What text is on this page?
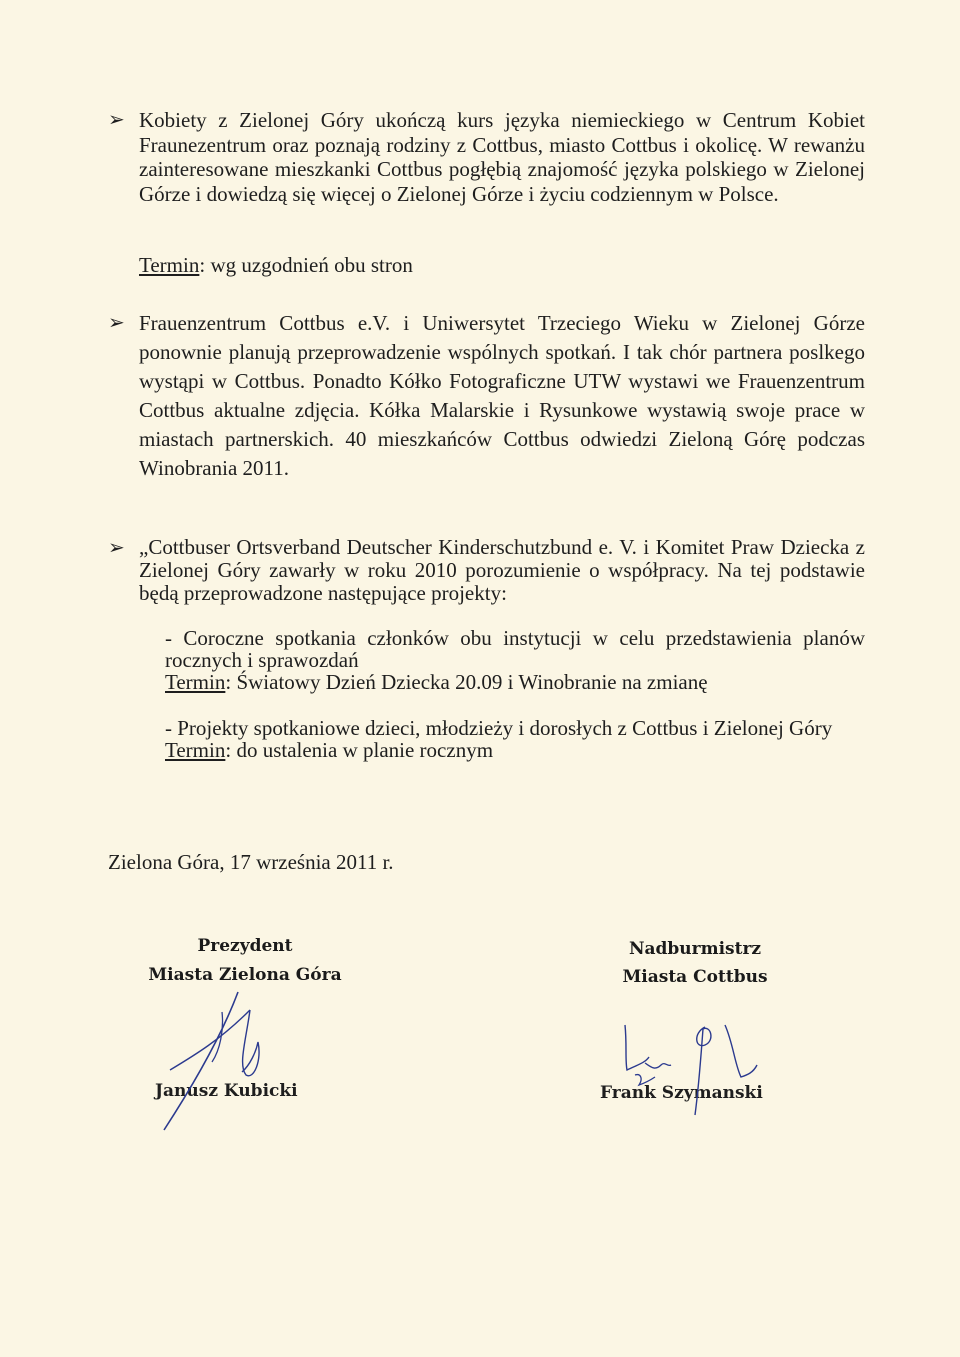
➢ Kobiety z Zielonej Góry ukończą kurs języka niemieckiego w Centrum Kobiet Fraunezentrum oraz poznają rodziny z Cottbus, miasto Cottbus i okolicę. W rewanżu zainteresowane mieszkanki Cottbus pogłębią znajomość języka polskiego w Zielonej Górze i dowiedzą się więcej o Zielonej Górze i życiu codziennym w Polsce.
Termin: wg uzgodnień obu stron
➢ Frauenzentrum Cottbus e.V. i Uniwersytet Trzeciego Wieku w Zielonej Górze ponownie planują przeprowadzenie wspólnych spotkań. I tak chór partnera poslkego wystąpi w Cottbus. Ponadto Kółko Fotograficzne UTW wystawi we Frauenzentrum Cottbus aktualne zdjęcia. Kółka Malarskie i Rysunkowe wystawią swoje prace w miastach partnerskich. 40 mieszkańców Cottbus odwiedzi Zieloną Górę podczas Winobrania 2011.
➢ „Cottbuser Ortsverband Deutscher Kinderschutzbund e. V. i Komitet Praw Dziecka z Zielonej Góry zawarły w roku 2010 porozumienie o współpracy. Na tej podstawie będą przeprowadzone następujące projekty:
- Coroczne spotkania członków obu instytucji w celu przedstawienia planów rocznych i sprawozdań
Termin: Światowy Dzień Dziecka 20.09 i Winobranie na zmianę
- Projekty spotkaniowe dzieci, młodzieży i dorosłych z Cottbus i Zielonej Góry
Termin: do ustalenia w planie rocznym
Zielona Góra, 17 września 2011 r.
Prezydent
Miasta Zielona Góra
Janusz Kubicki
Nadburmistrz
Miasta Cottbus
Frank Szymanski
